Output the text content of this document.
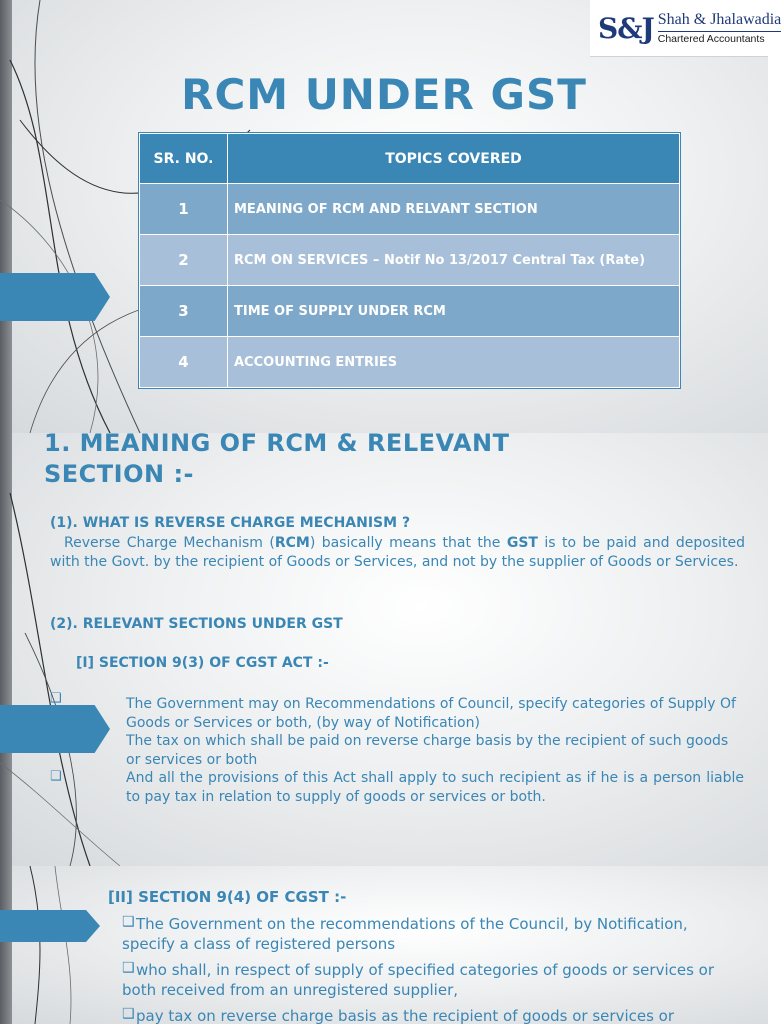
S&J Shah & Jhalawadia
Chartered Accountants
RCM UNDER GST
SR. NO.	TOPICS COVERED
1	MEANING OF RCM AND RELVANT SECTION
2	RCM ON SERVICES – Notif No 13/2017 Central Tax (Rate)
3	TIME OF SUPPLY UNDER RCM
4	ACCOUNTING ENTRIES
1. MEANING OF RCM & RELEVANT SECTION :-
(1). WHAT IS REVERSE CHARGE MECHANISM ?
Reverse Charge Mechanism (RCM) basically means that the GST is to be paid and deposited with the Govt. by the recipient of Goods or Services, and not by the supplier of Goods or Services.
(2). RELEVANT SECTIONS UNDER GST
[I] SECTION 9(3) OF CGST ACT :-
❑
❑
The Government may on Recommendations of Council, specify categories of Supply Of Goods or Services or both, (by way of Notification)
The tax on which shall be paid on reverse charge basis by the recipient of such goods or services or both
And all the provisions of this Act shall apply to such recipient as if he is a person liable to pay tax in relation to supply of goods or services or both.
[II] SECTION 9(4) OF CGST :-
❑ The Government on the recommendations of the Council, by Notification, specify a class of registered persons
❑ who shall, in respect of supply of specified categories of goods or services or both received from an unregistered supplier,
❑ pay tax on reverse charge basis as the recipient of goods or services or
